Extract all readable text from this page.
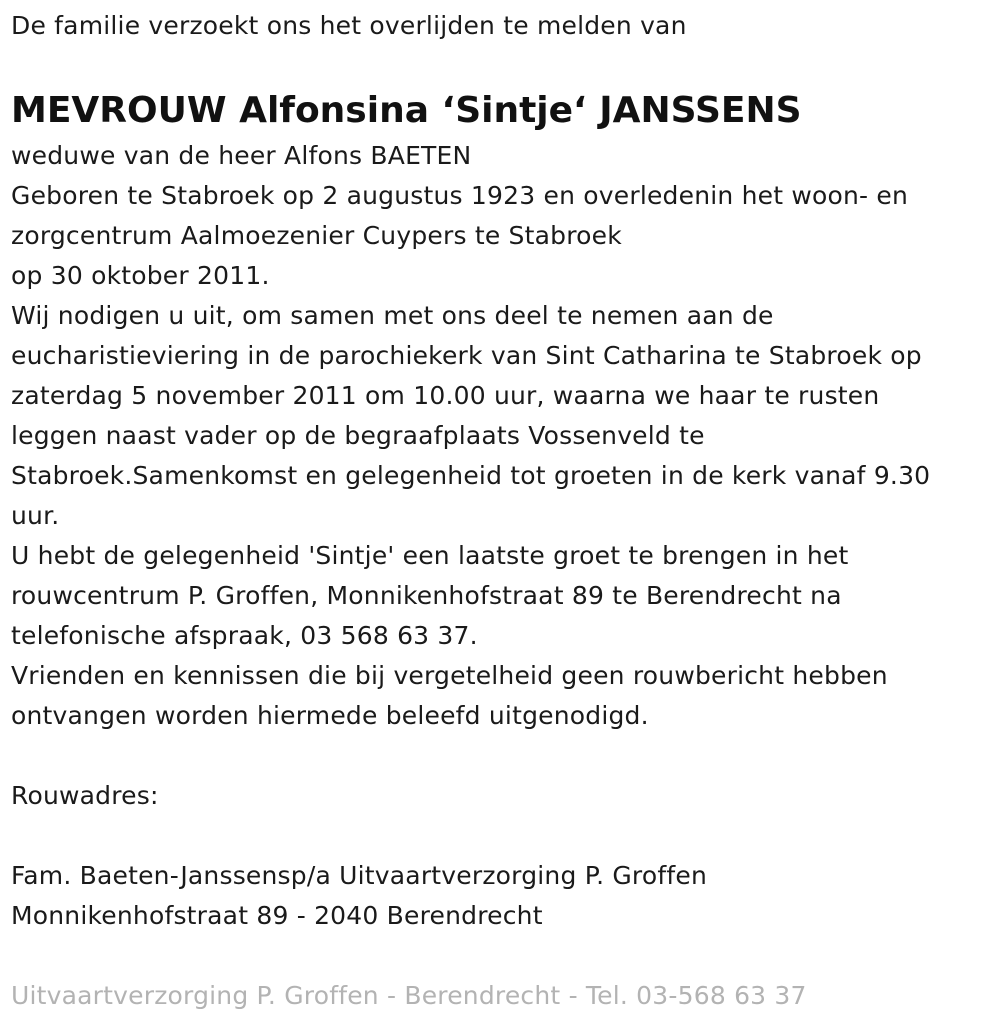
De familie verzoekt ons het overlijden te melden van
MEVROUW Alfonsina ‘Sintje‘ JANSSENS
weduwe van de heer Alfons BAETEN
Geboren te Stabroek op 2 augustus 1923 en overledenin het woon- en
zorgcentrum Aalmoezenier Cuypers te Stabroek
op 30 oktober 2011.
Wij nodigen u uit, om samen met ons deel te nemen aan de
eucharistieviering in de parochiekerk van Sint Catharina te Stabroek op
zaterdag 5 november 2011 om 10.00 uur, waarna we haar te rusten
leggen naast vader op de begraafplaats Vossenveld te
Stabroek.Samenkomst en gelegenheid tot groeten in de kerk vanaf 9.30
uur.
U hebt de gelegenheid 'Sintje' een laatste groet te brengen in het
rouwcentrum P. Groffen, Monnikenhofstraat 89 te Berendrecht na
telefonische afspraak, 03 568 63 37.
Vrienden en kennissen die bij vergetelheid geen rouwbericht hebben
ontvangen worden hiermede beleefd uitgenodigd.
Rouwadres:
Fam. Baeten-Janssensp/a Uitvaartverzorging P. Groffen
Monnikenhofstraat 89 - 2040 Berendrecht
Uitvaartverzorging P. Groffen - Berendrecht - Tel. 03-568 63 37
